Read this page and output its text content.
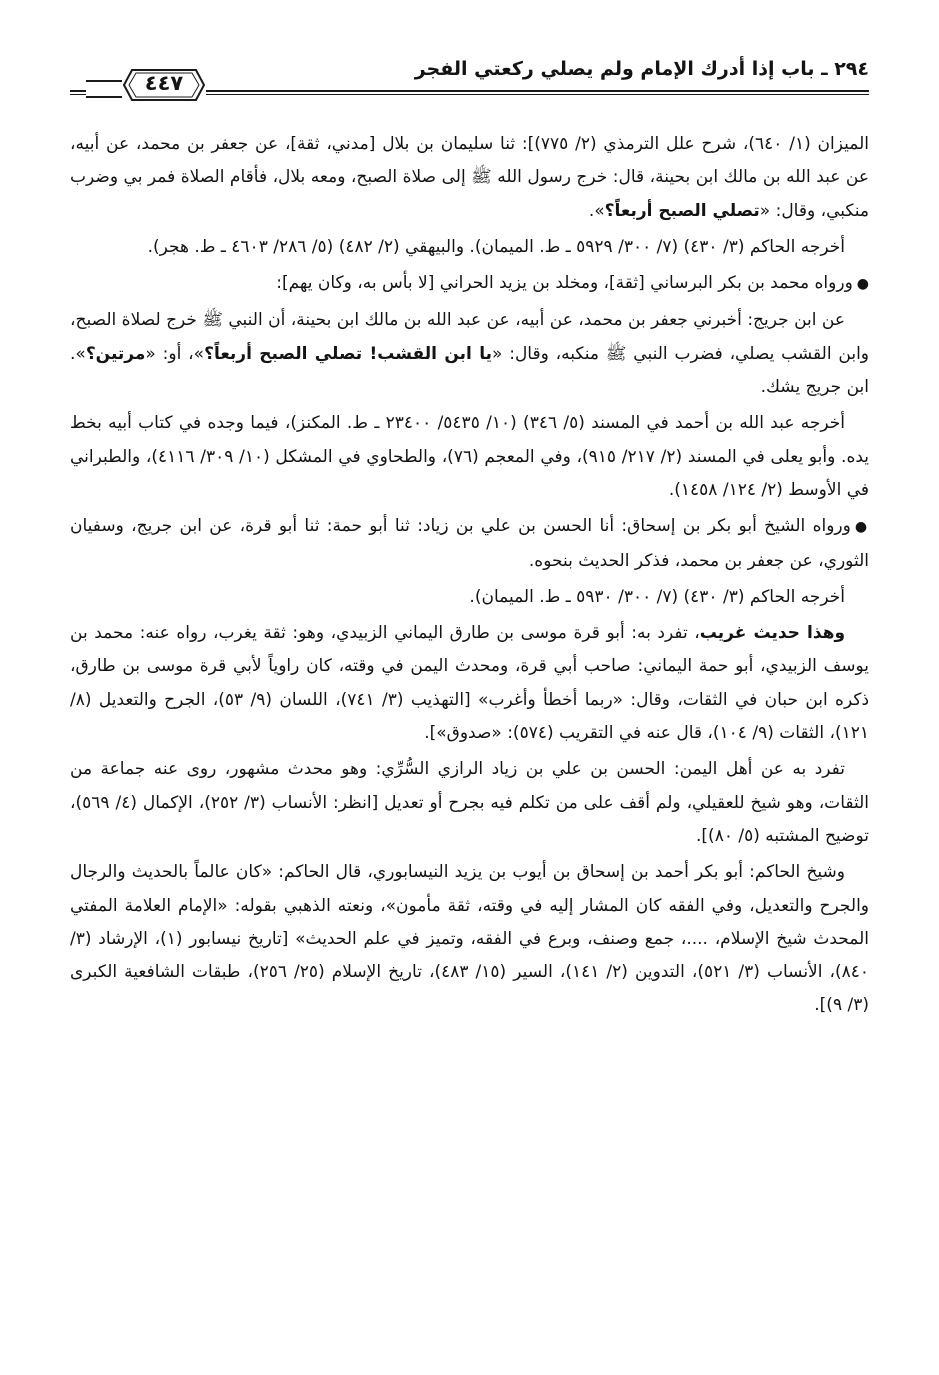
٢٩٤ ـ باب إذا أدرك الإمام ولم يصلي ركعتي الفجر
٤٤٧

الميزان (١/ ٦٤٠)، شرح علل الترمذي (٢/ ٧٧٥)]: ثنا سليمان بن بلال [مدني، ثقة]، عن جعفر بن محمد، عن أبيه، عن عبد الله بن مالك ابن بحينة، قال: خرج رسول الله ﷺ إلى صلاة الصبح، ومعه بلال، فأقام الصلاة فمر بي وضرب منكبي، وقال: «تصلي الصبح أربعاً؟».

أخرجه الحاكم (٣/ ٤٣٠) (٧/ ٣٠٠/ ٥٩٢٩ ـ ط. الميمان). والبيهقي (٢/ ٤٨٢) (٥/ ٢٨٦/ ٤٦٠٣ ـ ط. هجر).

●ورواه محمد بن بكر البرساني [ثقة]، ومخلد بن يزيد الحراني [لا بأس به، وكان يهم]:

عن ابن جريج: أخبرني جعفر بن محمد، عن أبيه، عن عبد الله بن مالك ابن بحينة، أن النبي ﷺ خرج لصلاة الصبح، وابن القشب يصلي، فضرب النبي ﷺ منكبه، وقال: «يا ابن القشب! تصلي الصبح أربعاً؟»، أو: «مرتين؟». ابن جريج يشك.

أخرجه عبد الله بن أحمد في المسند (٥/ ٣٤٦) (١٠/ ٥٤٣٥/ ٢٣٤٠٠ ـ ط. المكنز)، فيما وجده في كتاب أبيه بخط يده. وأبو يعلى في المسند (٢/ ٢١٧/ ٩١٥)، وفي المعجم (٧٦)، والطحاوي في المشكل (١٠/ ٣٠٩/ ٤١١٦)، والطبراني في الأوسط (٢/ ١٢٤/ ١٤٥٨).

●ورواه الشيخ أبو بكر بن إسحاق: أنا الحسن بن علي بن زياد: ثنا أبو حمة: ثنا أبو قرة، عن ابن جريج، وسفيان الثوري، عن جعفر بن محمد، فذكر الحديث بنحوه.

أخرجه الحاكم (٣/ ٤٣٠) (٧/ ٣٠٠/ ٥٩٣٠ ـ ط. الميمان).

وهذا حديث غريب، تفرد به: أبو قرة موسى بن طارق اليماني الزبيدي، وهو: ثقة يغرب، رواه عنه: محمد بن يوسف الزبيدي، أبو حمة اليماني: صاحب أبي قرة، ومحدث اليمن في وقته، كان راوياً لأبي قرة موسى بن طارق، ذكره ابن حبان في الثقات، وقال: «ربما أخطأ وأغرب» [التهذيب (٣/ ٧٤١)، اللسان (٩/ ٥٣)، الجرح والتعديل (٨/ ١٢١)، الثقات (٩/ ١٠٤)، قال عنه في التقريب (٥٧٤): «صدوق»].

تفرد به عن أهل اليمن: الحسن بن علي بن زياد الرازي السُّرِّي: وهو محدث مشهور، روى عنه جماعة من الثقات، وهو شيخ للعقيلي، ولم أقف على من تكلم فيه بجرح أو تعديل [انظر: الأنساب (٣/ ٢٥٢)، الإكمال (٤/ ٥٦٩)، توضيح المشتبه (٥/ ٨٠)].

وشيخ الحاكم: أبو بكر أحمد بن إسحاق بن أيوب بن يزيد النيسابوري، قال الحاكم: «كان عالماً بالحديث والرجال والجرح والتعديل، وفي الفقه كان المشار إليه في وقته، ثقة مأمون»، ونعته الذهبي بقوله: «الإمام العلامة المفتي المحدث شيخ الإسلام، ....، جمع وصنف، وبرع في الفقه، وتميز في علم الحديث» [تاريخ نيسابور (١)، الإرشاد (٣/ ٨٤٠)، الأنساب (٣/ ٥٢١)، التدوين (٢/ ١٤١)، السير (١٥/ ٤٨٣)، تاريخ الإسلام (٢٥/ ٢٥٦)، طبقات الشافعية الكبرى (٣/ ٩)].
